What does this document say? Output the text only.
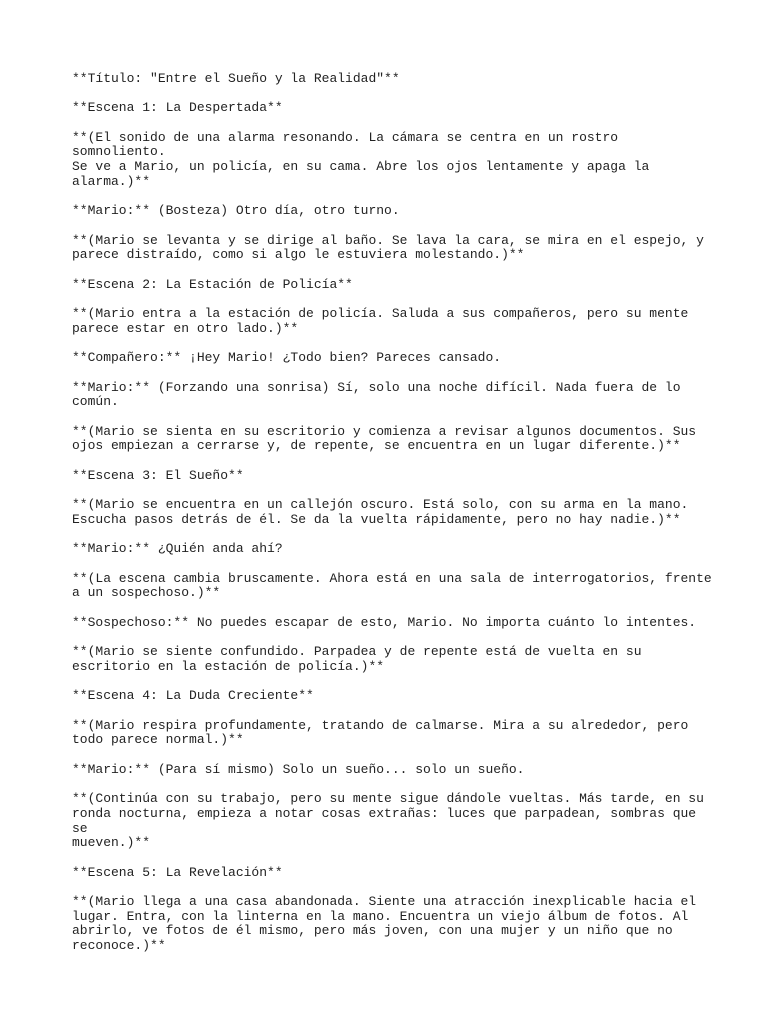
**Título: "Entre el Sueño y la Realidad"**

**Escena 1: La Despertada**

**(El sonido de una alarma resonando. La cámara se centra en un rostro somnoliento.
Se ve a Mario, un policía, en su cama. Abre los ojos lentamente y apaga la
alarma.)**

**Mario:** (Bosteza) Otro día, otro turno.

**(Mario se levanta y se dirige al baño. Se lava la cara, se mira en el espejo, y
parece distraído, como si algo le estuviera molestando.)**

**Escena 2: La Estación de Policía**

**(Mario entra a la estación de policía. Saluda a sus compañeros, pero su mente
parece estar en otro lado.)**

**Compañero:** ¡Hey Mario! ¿Todo bien? Pareces cansado.

**Mario:** (Forzando una sonrisa) Sí, solo una noche difícil. Nada fuera de lo
común.

**(Mario se sienta en su escritorio y comienza a revisar algunos documentos. Sus
ojos empiezan a cerrarse y, de repente, se encuentra en un lugar diferente.)**

**Escena 3: El Sueño**

**(Mario se encuentra en un callejón oscuro. Está solo, con su arma en la mano.
Escucha pasos detrás de él. Se da la vuelta rápidamente, pero no hay nadie.)**

**Mario:** ¿Quién anda ahí?

**(La escena cambia bruscamente. Ahora está en una sala de interrogatorios, frente
a un sospechoso.)**

**Sospechoso:** No puedes escapar de esto, Mario. No importa cuánto lo intentes.

**(Mario se siente confundido. Parpadea y de repente está de vuelta en su
escritorio en la estación de policía.)**

**Escena 4: La Duda Creciente**

**(Mario respira profundamente, tratando de calmarse. Mira a su alrededor, pero
todo parece normal.)**

**Mario:** (Para sí mismo) Solo un sueño... solo un sueño.

**(Continúa con su trabajo, pero su mente sigue dándole vueltas. Más tarde, en su
ronda nocturna, empieza a notar cosas extrañas: luces que parpadean, sombras que se
mueven.)**

**Escena 5: La Revelación**

**(Mario llega a una casa abandonada. Siente una atracción inexplicable hacia el
lugar. Entra, con la linterna en la mano. Encuentra un viejo álbum de fotos. Al
abrirlo, ve fotos de él mismo, pero más joven, con una mujer y un niño que no
reconoce.)**
